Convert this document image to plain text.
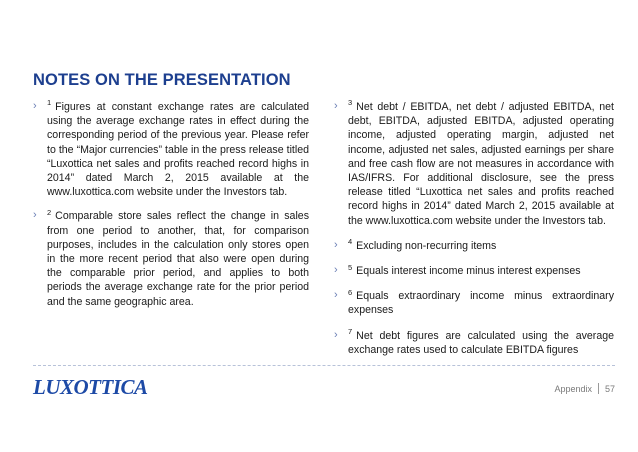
NOTES ON THE PRESENTATION
› $^1$ Figures at constant exchange rates are calculated using the average exchange rates in effect during the corresponding period of the previous year. Please refer to the “Major currencies” table in the press release titled “Luxottica net sales and profits reached record highs in 2014” dated March 2, 2015 available at the www.luxottica.com website under the Investors tab.
› $^2$ Comparable store sales reflect the change in sales from one period to another, that, for comparison purposes, includes in the calculation only stores open in the more recent period that also were open during the comparable prior period, and applies to both periods the average exchange rate for the prior period and the same geographic area.
› $^3$ Net debt / EBITDA, net debt / adjusted EBITDA, net debt, EBITDA, adjusted EBITDA, adjusted operating income, adjusted operating margin, adjusted net income, adjusted net sales, adjusted earnings per share and free cash flow are not measures in accordance with IAS/IFRS. For additional disclosure, see the press release titled “Luxottica net sales and profits reached record highs in 2014” dated March 2, 2015 available at the www.luxottica.com website under the Investors tab.
› $^4$ Excluding non-recurring items
› $^5$ Equals interest income minus interest expenses
› $^6$ Equals extraordinary income minus extraordinary expenses
› $^7$ Net debt figures are calculated using the average exchange rates used to calculate EBITDA figures
LUXOTTICA	Appendix 57
